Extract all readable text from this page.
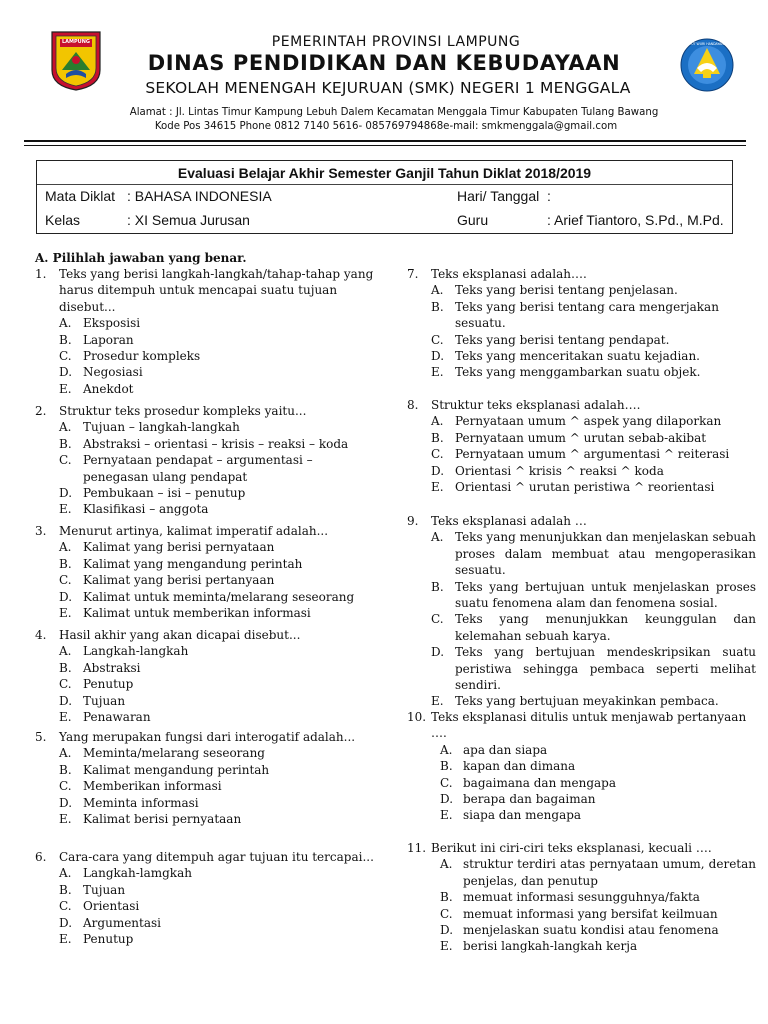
LAMPUNG	TUT WURI HANDAYANI
PEMERINTAH PROVINSI LAMPUNG
DINAS PENDIDIKAN DAN KEBUDAYAAN
SEKOLAH MENENGAH KEJURUAN (SMK) NEGERI 1 MENGGALA
Alamat : Jl. Lintas Timur Kampung Lebuh Dalem Kecamatan Menggala Timur Kabupaten Tulang Bawang
Kode Pos 34615 Phone 0812 7140 5616- 085769794868e-mail: smkmenggala@gmail.com
Evaluasi Belajar Akhir Semester Ganjil Tahun Diklat 2018/2019
Mata Diklat : BAHASA INDONESIA	Hari/ Tanggal :
Kelas	: XI Semua Jurusan	Guru	: Arief Tiantoro, S.Pd., M.Pd.
A. Pilihlah jawaban yang benar.
1. Teks yang berisi langkah-langkah/tahap-tahap yang
harus ditempuh untuk mencapai suatu tujuan
disebut...
A. Eksposisi
B. Laporan
C. Prosedur kompleks
D. Negosiasi
E. Anekdot
2. Struktur teks prosedur kompleks yaitu...
A. Tujuan – langkah-langkah
B. Abstraksi – orientasi – krisis – reaksi – koda
C. Pernyataan pendapat – argumentasi –
penegasan ulang pendapat
D. Pembukaan – isi – penutup
E. Klasifikasi – anggota
3. Menurut artinya, kalimat imperatif adalah...
A. Kalimat yang berisi pernyataan
B. Kalimat yang mengandung perintah
C. Kalimat yang berisi pertanyaan
D. Kalimat untuk meminta/melarang seseorang
E. Kalimat untuk memberikan informasi
4. Hasil akhir yang akan dicapai disebut...
A. Langkah-langkah
B. Abstraksi
C. Penutup
D. Tujuan
E. Penawaran
5. Yang merupakan fungsi dari interogatif adalah...
A. Meminta/melarang seseorang
B. Kalimat mengandung perintah
C. Memberikan informasi
D. Meminta informasi
E. Kalimat berisi pernyataan
6. Cara-cara yang ditempuh agar tujuan itu tercapai...
A. Langkah-lamgkah
B. Tujuan
C. Orientasi
D. Argumentasi
E. Penutup
7. Teks eksplanasi adalah….
A. Teks yang berisi tentang penjelasan.
B. Teks yang berisi tentang cara mengerjakan
sesuatu.
C. Teks yang berisi tentang pendapat.
D. Teks yang menceritakan suatu kejadian.
E. Teks yang menggambarkan suatu objek.
8. Struktur teks eksplanasi adalah….
A. Pernyataan umum ^ aspek yang dilaporkan
B. Pernyataan umum ^ urutan sebab-akibat
C. Pernyataan umum ^ argumentasi ^ reiterasi
D. Orientasi ^ krisis ^ reaksi ^ koda
E. Orientasi ^ urutan peristiwa ^ reorientasi
9. Teks eksplanasi adalah …
A. Teks yang menunjukkan dan menjelaskan sebuah proses dalam membuat atau mengoperasikan sesuatu.
B. Teks yang bertujuan untuk menjelaskan proses suatu fenomena alam dan fenomena sosial.
C. Teks yang menunjukkan keunggulan dan kelemahan sebuah karya.
D. Teks yang bertujuan mendeskripsikan suatu peristiwa sehingga pembaca seperti melihat sendiri.
E. Teks yang bertujuan meyakinkan pembaca.
10. Teks eksplanasi ditulis untuk menjawab pertanyaan
….
A. apa dan siapa
B. kapan dan dimana
C. bagaimana dan mengapa
D. berapa dan bagaiman
E. siapa dan mengapa
11. Berikut ini ciri-ciri teks eksplanasi, kecuali ….
A. struktur terdiri atas pernyataan umum, deretan penjelas, dan penutup
B. memuat informasi sesungguhnya/fakta
C. memuat informasi yang bersifat keilmuan
D. menjelaskan suatu kondisi atau fenomena
E. berisi langkah-langkah kerja
